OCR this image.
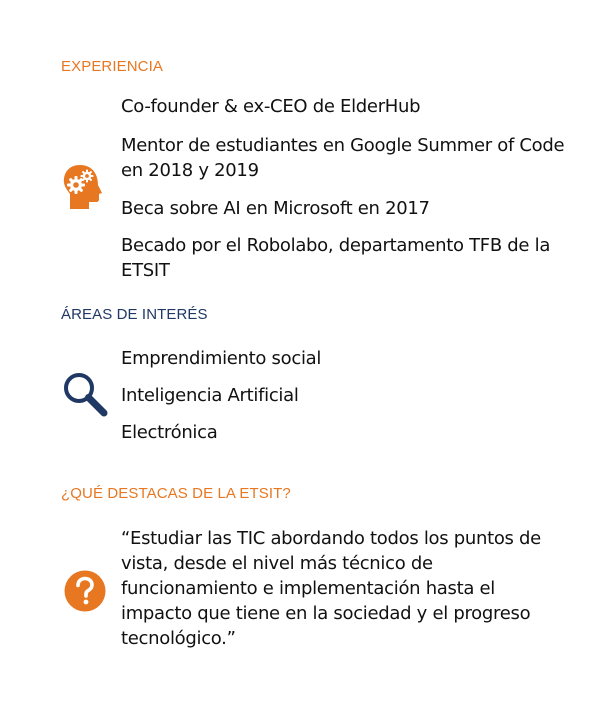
EXPERIENCIA
Co-founder & ex-CEO de ElderHub
Mentor de estudiantes en Google Summer of Code en 2018 y 2019
Beca sobre AI en Microsoft en 2017
Becado por el Robolabo, departamento TFB de la ETSIT
ÁREAS DE INTERÉS
Emprendimiento social
Inteligencia Artificial
Electrónica
¿QUÉ DESTACAS DE LA ETSIT?
“Estudiar las TIC abordando todos los puntos de vista, desde el nivel más técnico de funcionamiento e implementación hasta el impacto que tiene en la sociedad y el progreso tecnológico.”
